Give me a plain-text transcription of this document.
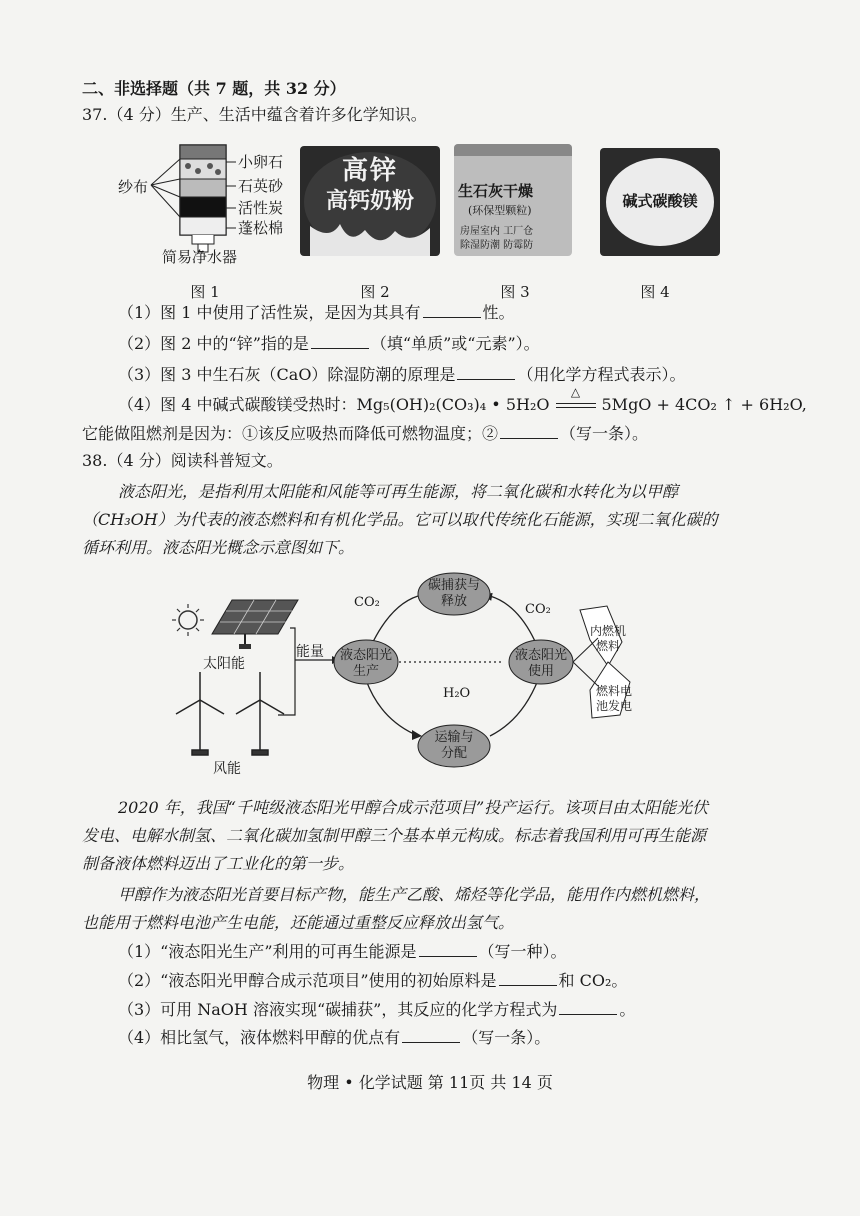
二、非选择题（共 7 题，共 32 分）
37.（4 分）生产、生活中蕴含着许多化学知识。
纱布
小卵石
石英砂
活性炭
蓬松棉
简易净水器
高锌
高钙奶粉	生石灰干燥
(环保型颗粒)
房屋室内 工厂仓
除湿防潮 防霉防
碱式碳酸镁
图 1	图 2	图 3	图 4
（1）图 1 中使用了活性炭，是因为其具有	性。
（2）图 2 中的“锌”指的是	（填“单质”或“元素”）。
（3）图 3 中生石灰（CaO）除湿防潮的原理是	（用化学方程式表示）。
（4）图 4 中碱式碳酸镁受热时：Mg₅(OH)₂(CO₃)₄ • 5H₂O
△
5MgO + 4CO₂ ↑ + 6H₂O,
它能做阻燃剂是因为：①该反应吸热而降低可燃物温度；②	（写一条）。
38.（4 分）阅读科普短文。
液态阳光，是指利用太阳能和风能等可再生能源，将二氧化碳和水转化为以甲醇
（CH₃OH）为代表的液态燃料和有机化学品。它可以取代传统化石能源，实现二氧化碳的
循环利用。液态阳光概念示意图如下。
太阳能
风能
能量	液态阳光
生产
液态阳光
使用
碳捕获与
释放
运输与
分配
CO₂	CO₂
H₂O
内燃机
燃料
燃料电
池发电
2020 年，我国“千吨级液态阳光甲醇合成示范项目”投产运行。该项目由太阳能光伏
发电、电解水制氢、二氧化碳加氢制甲醇三个基本单元构成。标志着我国利用可再生能源
制备液体燃料迈出了工业化的第一步。
甲醇作为液态阳光首要目标产物，能生产乙酸、烯烃等化学品，能用作内燃机燃料，
也能用于燃料电池产生电能，还能通过重整反应释放出氢气。
（1）“液态阳光生产”利用的可再生能源是	（写一种）。
（2）“液态阳光甲醇合成示范项目”使用的初始原料是	和 CO₂。
（3）可用 NaOH 溶液实现“碳捕获”，其反应的化学方程式为	。
（4）相比氢气，液体燃料甲醇的优点有	（写一条）。
物理 • 化学试题 第 11页 共 14 页
